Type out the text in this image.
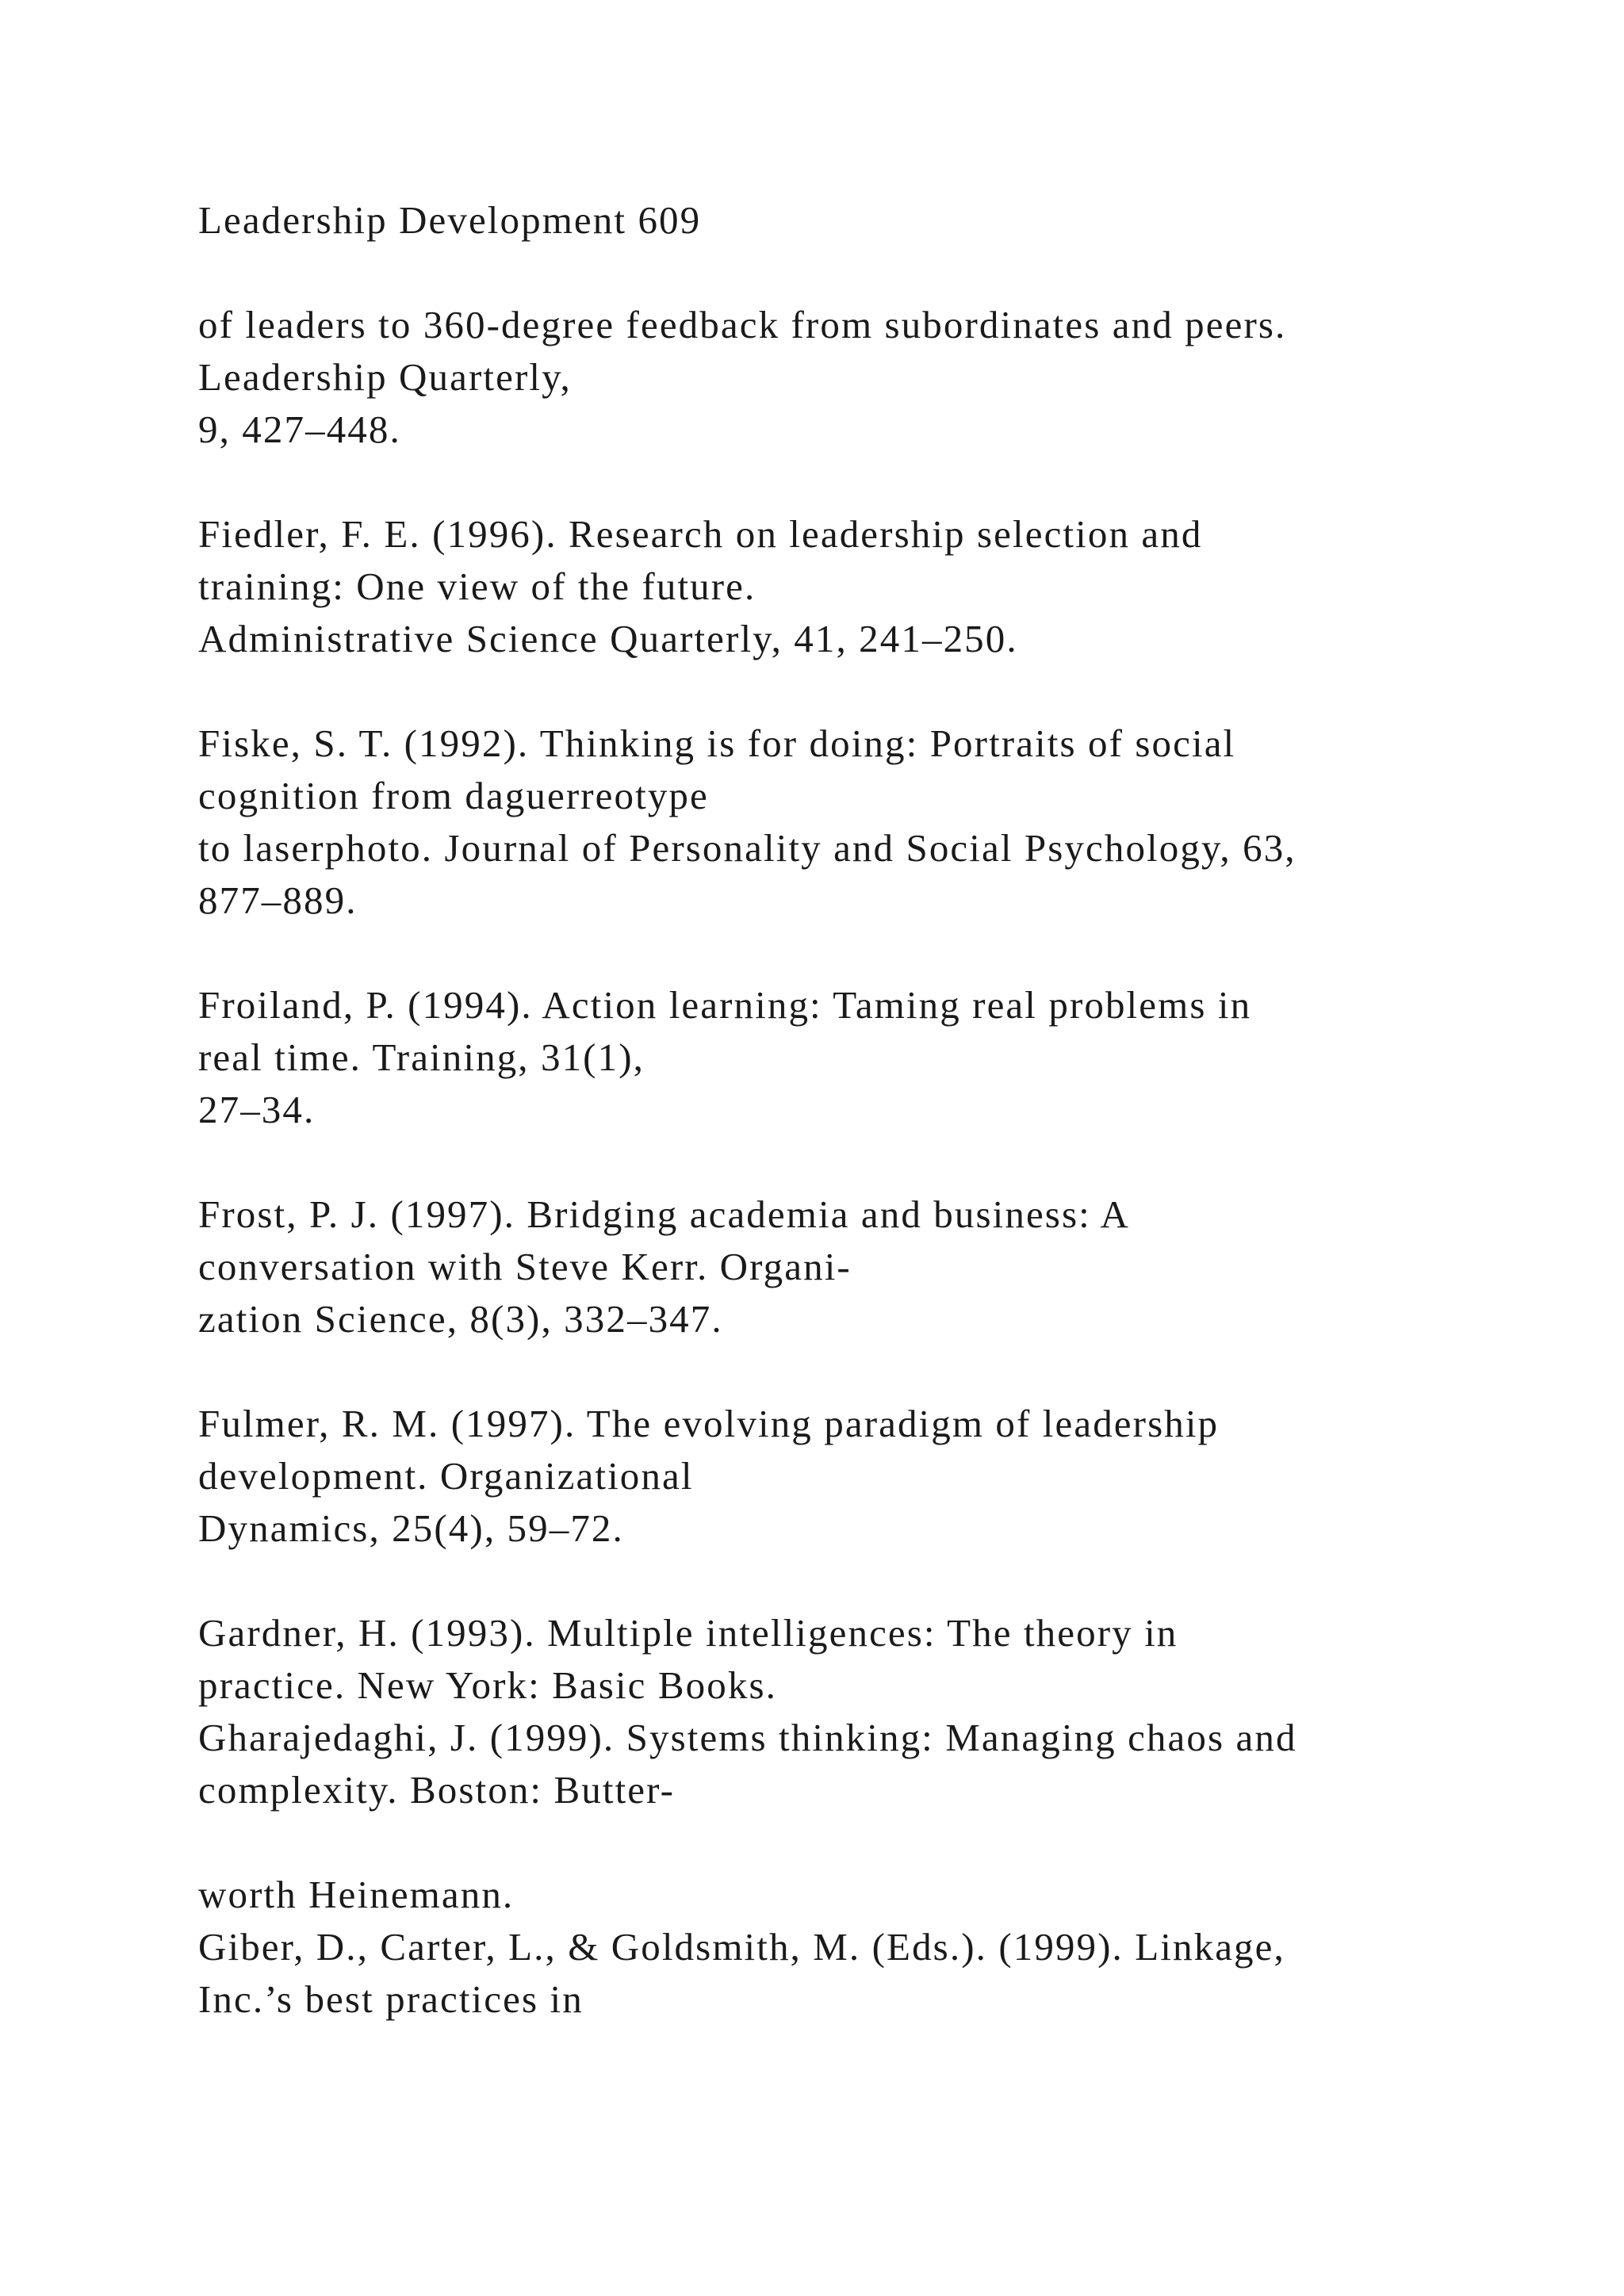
Leadership Development 609
of leaders to 360-degree feedback from subordinates and peers.
Leadership Quarterly,
9, 427–448.
Fiedler, F. E. (1996). Research on leadership selection and
training: One view of the future.
Administrative Science Quarterly, 41, 241–250.
Fiske, S. T. (1992). Thinking is for doing: Portraits of social
cognition from daguerreotype
to laserphoto. Journal of Personality and Social Psychology, 63,
877–889.
Froiland, P. (1994). Action learning: Taming real problems in
real time. Training, 31(1),
27–34.
Frost, P. J. (1997). Bridging academia and business: A
conversation with Steve Kerr. Organi-
zation Science, 8(3), 332–347.
Fulmer, R. M. (1997). The evolving paradigm of leadership
development. Organizational
Dynamics, 25(4), 59–72.
Gardner, H. (1993). Multiple intelligences: The theory in
practice. New York: Basic Books.
Gharajedaghi, J. (1999). Systems thinking: Managing chaos and
complexity. Boston: Butter-
worth Heinemann.
Giber, D., Carter, L., & Goldsmith, M. (Eds.). (1999). Linkage,
Inc.’s best practices in
